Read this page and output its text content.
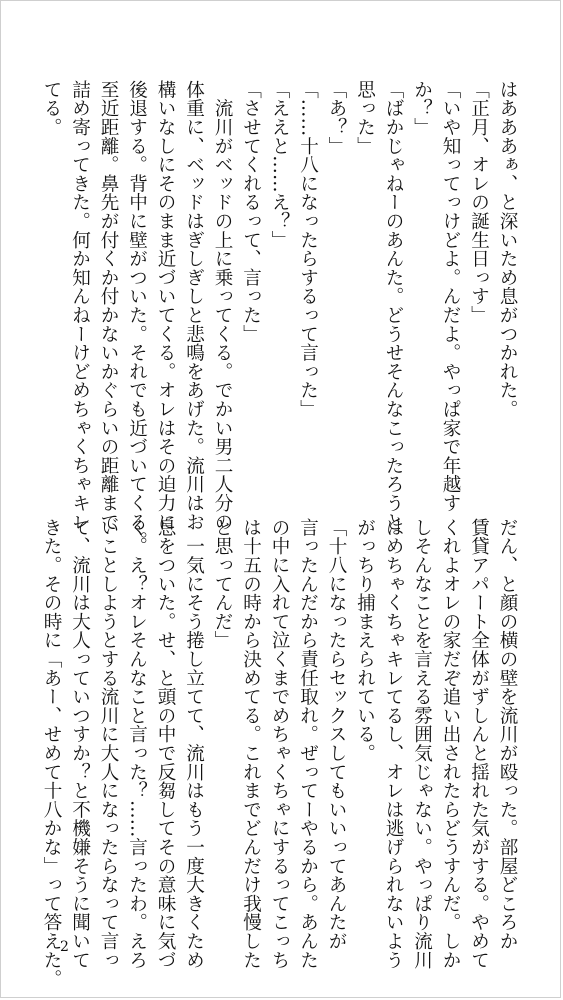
はあああぁ、と深いため息がつかれた。
「正月、オレの誕生日っす」
「いや知ってっけどよ。んだよ。やっぱ家で年越す
か？」
「ばかじゃねーのあんた。どうせそんなこったろうと
思った」
「あ？」
「……十八になったらするって言った」
「ええと……え？」
「させてくれるって、言った」
　流川がベッドの上に乗ってくる。でかい男二人分の
体重に、ベッドはぎしぎしと悲鳴をあげた。流川はお
構いなしにそのまま近づいてくる。オレはその迫力に
後退する。背中に壁がついた。それでも近づいてくる。
至近距離。鼻先が付くか付かないかぐらいの距離まで
詰め寄ってきた。何か知んねーけどめちゃくちゃキレ
てる。
だん、と顔の横の壁を流川が殴った。部屋どころか
賃貸アパート全体がずしんと揺れた気がする。やめて
くれよオレの家だぞ追い出されたらどうすんだ。しか
しそんなことを言える雰囲気じゃない。やっぱり流川
はめちゃくちゃキレてるし、オレは逃げられないよう
がっちり捕まえられている。
「十八になったらセックスしてもいいってあんたが
言ったんだから責任取れ。ぜってーやるから。あんた
の中に入れて泣くまでめちゃくちゃにするってこっち
は十五の時から決めてる。これまでどんだけ我慢した
と思ってんだ」
　一気にそう捲し立てて、流川はもう一度大きくため
息をついた。せ、と頭の中で反芻してその意味に気づ
く。え？オレそんなこと言った？……言ったわ。えろ
いことしようとする流川に大人になったらなって言っ
て、流川は大人っていつすか？と不機嫌そうに聞いて
きた。その時に「あー、せめて十八かな」って答えた。
2
